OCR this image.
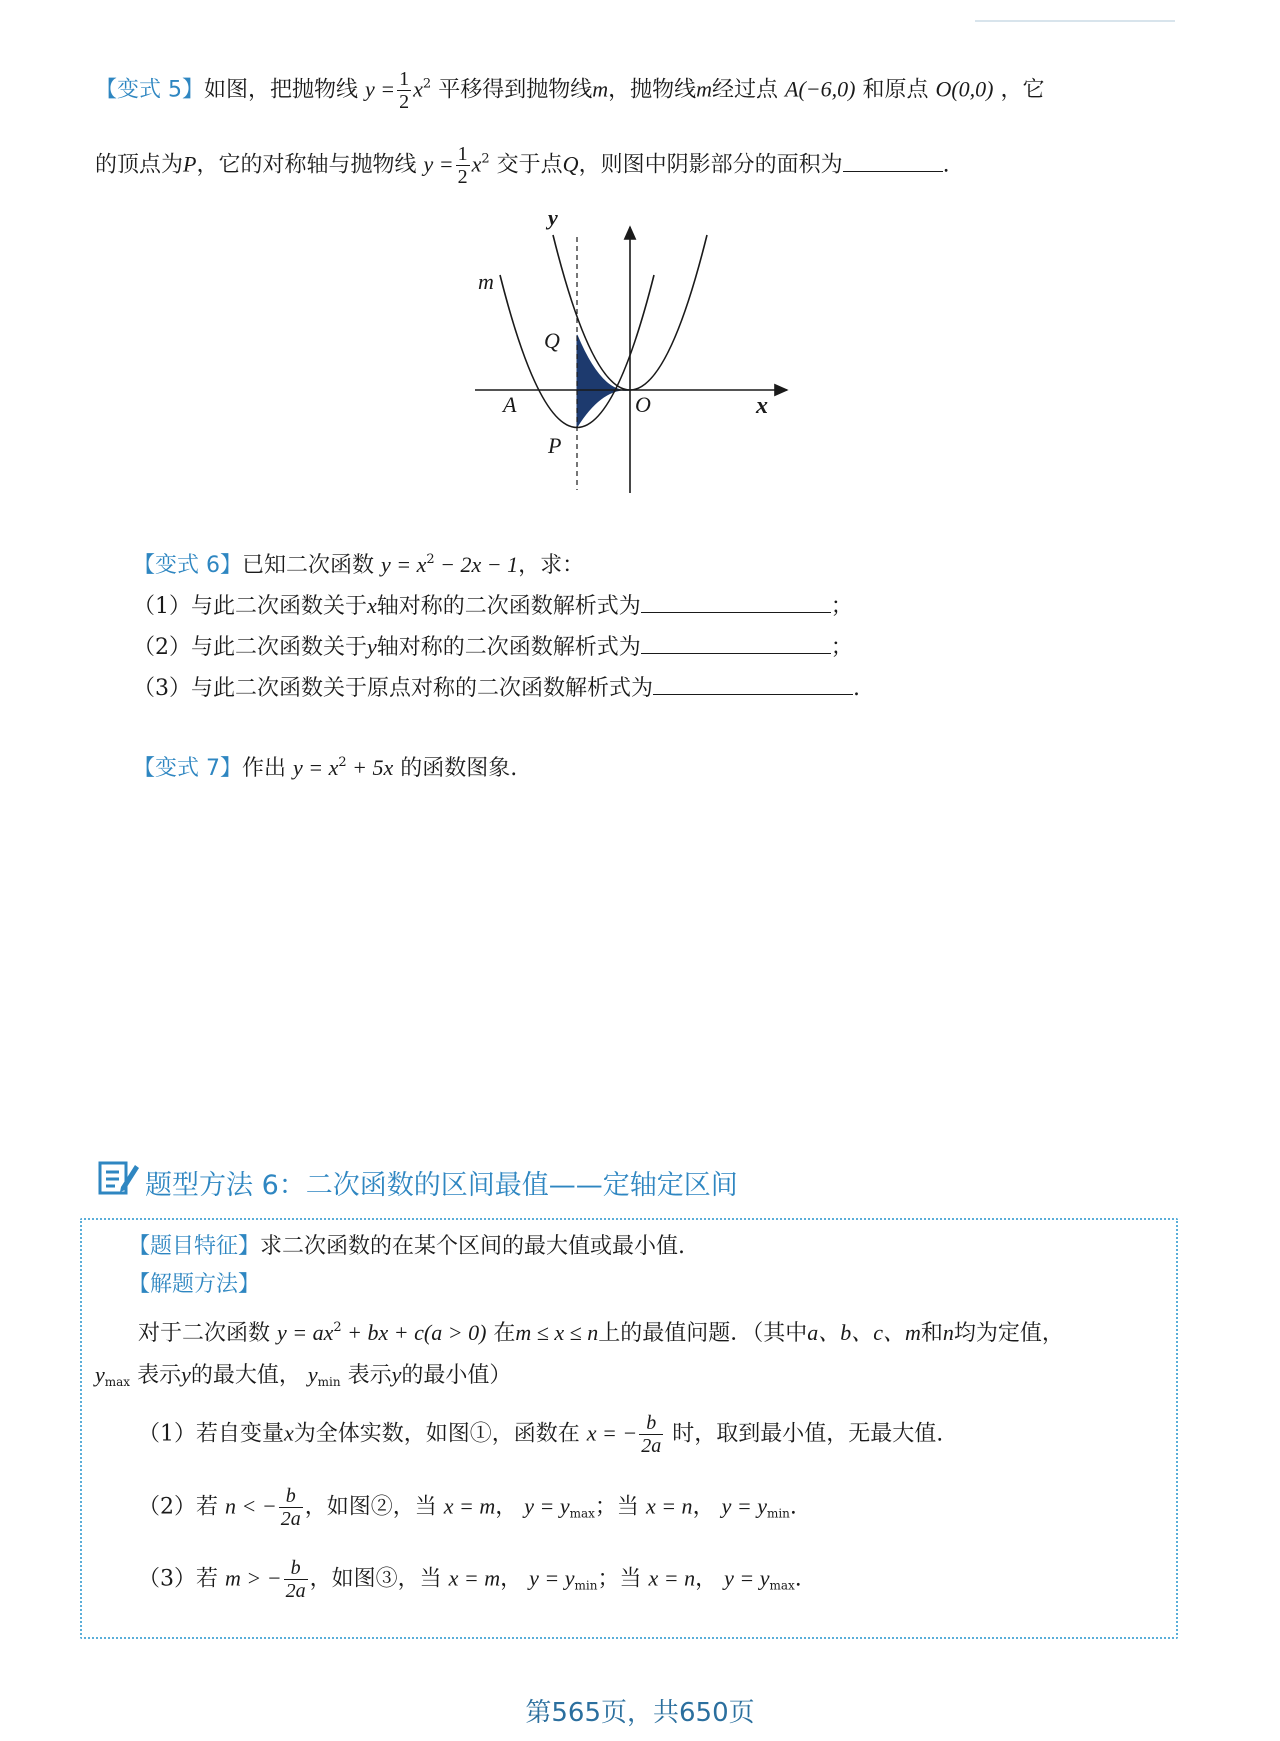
【变式 5】如图，把抛物线 $y = \frac{1}{2} x^2$ 平移得到抛物线m，抛物线m经过点 A(−6,0) 和原点 O(0,0) ，它
的顶点为P，它的对称轴与抛物线 $y = \frac{1}{2} x^2$ 交于点Q，则图中阴影部分的面积为	.
y
x
m
Q
A	O
P
【变式 6】已知二次函数 $y = x^2 - 2x - 1$，求：
（1）与此二次函数关于x轴对称的二次函数解析式为	；
（2）与此二次函数关于y轴对称的二次函数解析式为	；
（3）与此二次函数关于原点对称的二次函数解析式为	.
【变式 7】作出 $y = x^2 + 5x$ 的函数图象.
题型方法 6：二次函数的区间最值——定轴定区间
【题目特征】求二次函数的在某个区间的最大值或最小值.
【解题方法】
对于二次函数 $y = ax^2$ + bx + c(a > 0) 在m ≤ x ≤ n上的最值问题．（其中a、b、c、m和n均为定值，
$y_{max}$ 表示y的最大值， $y_{min}$ 表示y的最小值）
（1）若自变量x为全体实数，如图①，函数在 x = − $\frac{b}{2a}$ 时，取到最小值，无最大值.
（2）若 n < − $\frac{b}{2a}$ ，如图②，当 x = m， $y = y_{max}$；当 x = n， $y = y_{min}$.
（3）若 m > − $\frac{b}{2a}$ ，如图③，当 x = m， $y = y_{min}$；当 x = n， $y = y_{max}$.
第565页，共650页
